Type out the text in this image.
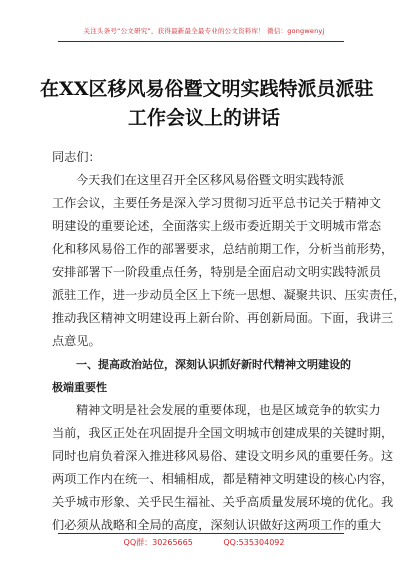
关注头条号“公文研究”，获得最新最全最专业的公文资料库！ 微信：gongwenyj
在XX区移风易俗暨文明实践特派员派驻
工作会议上的讲话
同志们：
今天我们在这里召开全区移风易俗暨文明实践特派
工作会议，主要任务是深入学习贯彻习近平总书记关于精神文
明建设的重要论述，全面落实上级市委近期关于文明城市常态
化和移风易俗工作的部署要求，总结前期工作，分析当前形势，
安排部署下一阶段重点任务，特别是全面启动文明实践特派员
派驻工作，进一步动员全区上下统一思想、凝聚共识、压实责任，
推动我区精神文明建设再上新台阶、再创新局面。下面，我讲三
点意见。
一、提高政治站位，深刻认识抓好新时代精神文明建设的
极端重要性
精神文明是社会发展的重要体现，也是区域竞争的软实力
当前，我区正处在巩固提升全国文明城市创建成果的关键时期，
同时也肩负着深入推进移风易俗、建设文明乡风的重要任务。这
两项工作内在统一、相辅相成，都是精神文明建设的核心内容，
关乎城市形象、关乎民生福祉、关乎高质量发展环境的优化。我
们必须从战略和全局的高度，深刻认识做好这两项工作的重大
QQ群：30265665	QQ:535304092
